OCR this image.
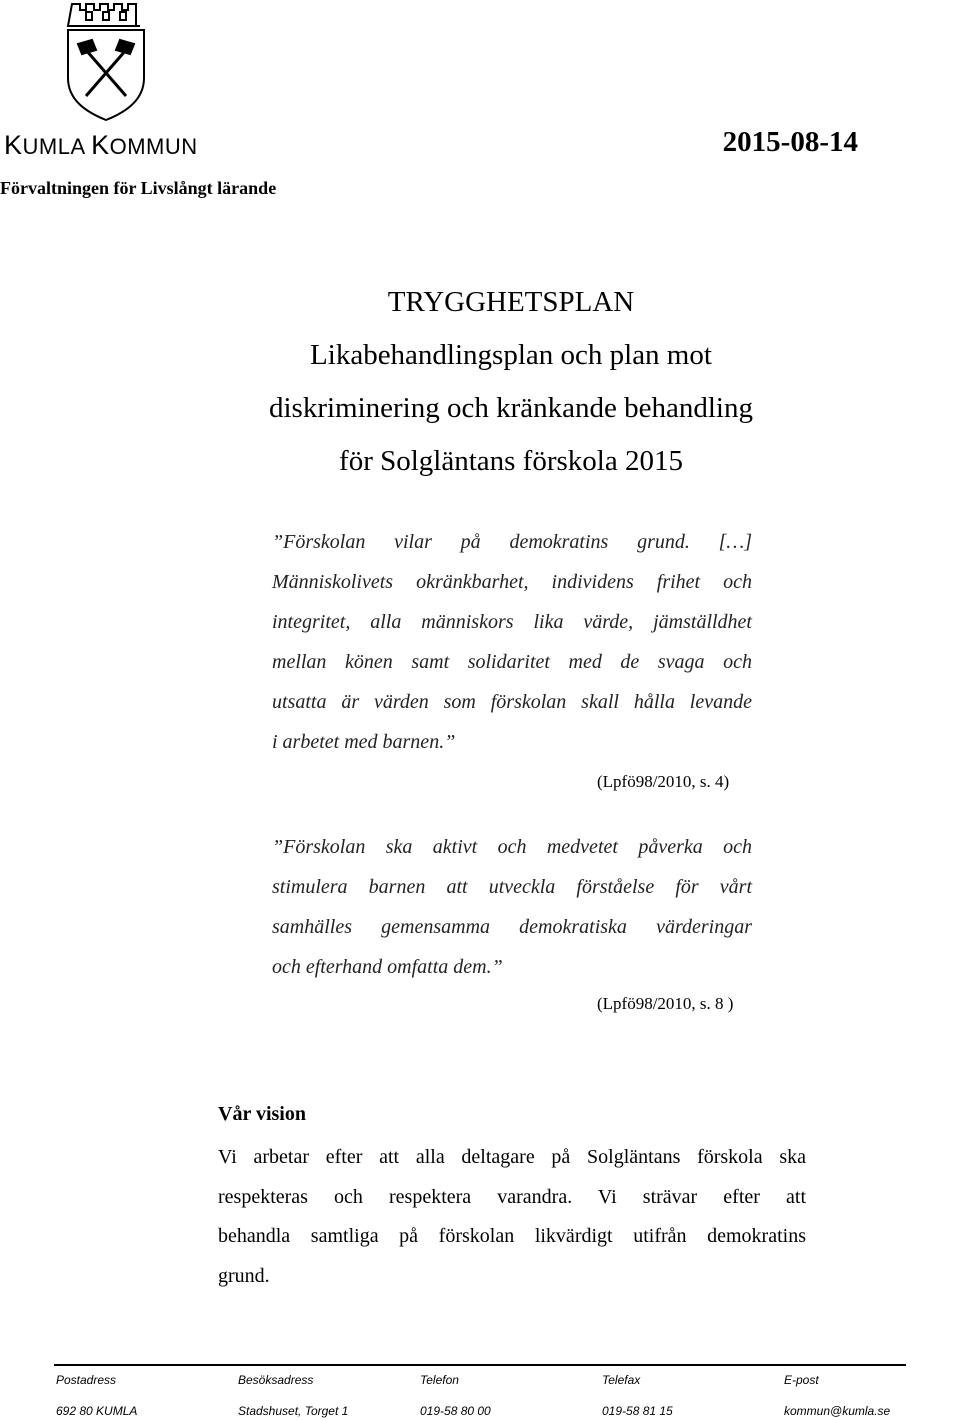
KUMLA KOMMUN	2015-08-14
Förvaltningen för Livslångt lärande
TRYGGHETSPLAN
Likabehandlingsplan och plan mot
diskriminering och kränkande behandling
för Solgläntans förskola 2015
”Förskolan vilar på demokratins grund. […]
Människolivets okränkbarhet, individens frihet och
integritet, alla människors lika värde, jämställdhet
mellan könen samt solidaritet med de svaga och
utsatta är värden som förskolan skall hålla levande
i arbetet med barnen.”
(Lpfö98/2010, s. 4)
”Förskolan ska aktivt och medvetet påverka och
stimulera barnen att utveckla förståelse för vårt
samhälles gemensamma demokratiska värderingar
och efterhand omfatta dem.”
(Lpfö98/2010, s. 8 )
Vår vision
Vi arbetar efter att alla deltagare på Solgläntans förskola ska
respekteras och respektera varandra. Vi strävar efter att
behandla samtliga på förskolan likvärdigt utifrån demokratins
grund.
Postadress	Besöksadress	Telefon	Telefax	E-post
692 80 KUMLA	Stadshuset, Torget 1	019-58 80 00	019-58 81 15	kommun@kumla.se
